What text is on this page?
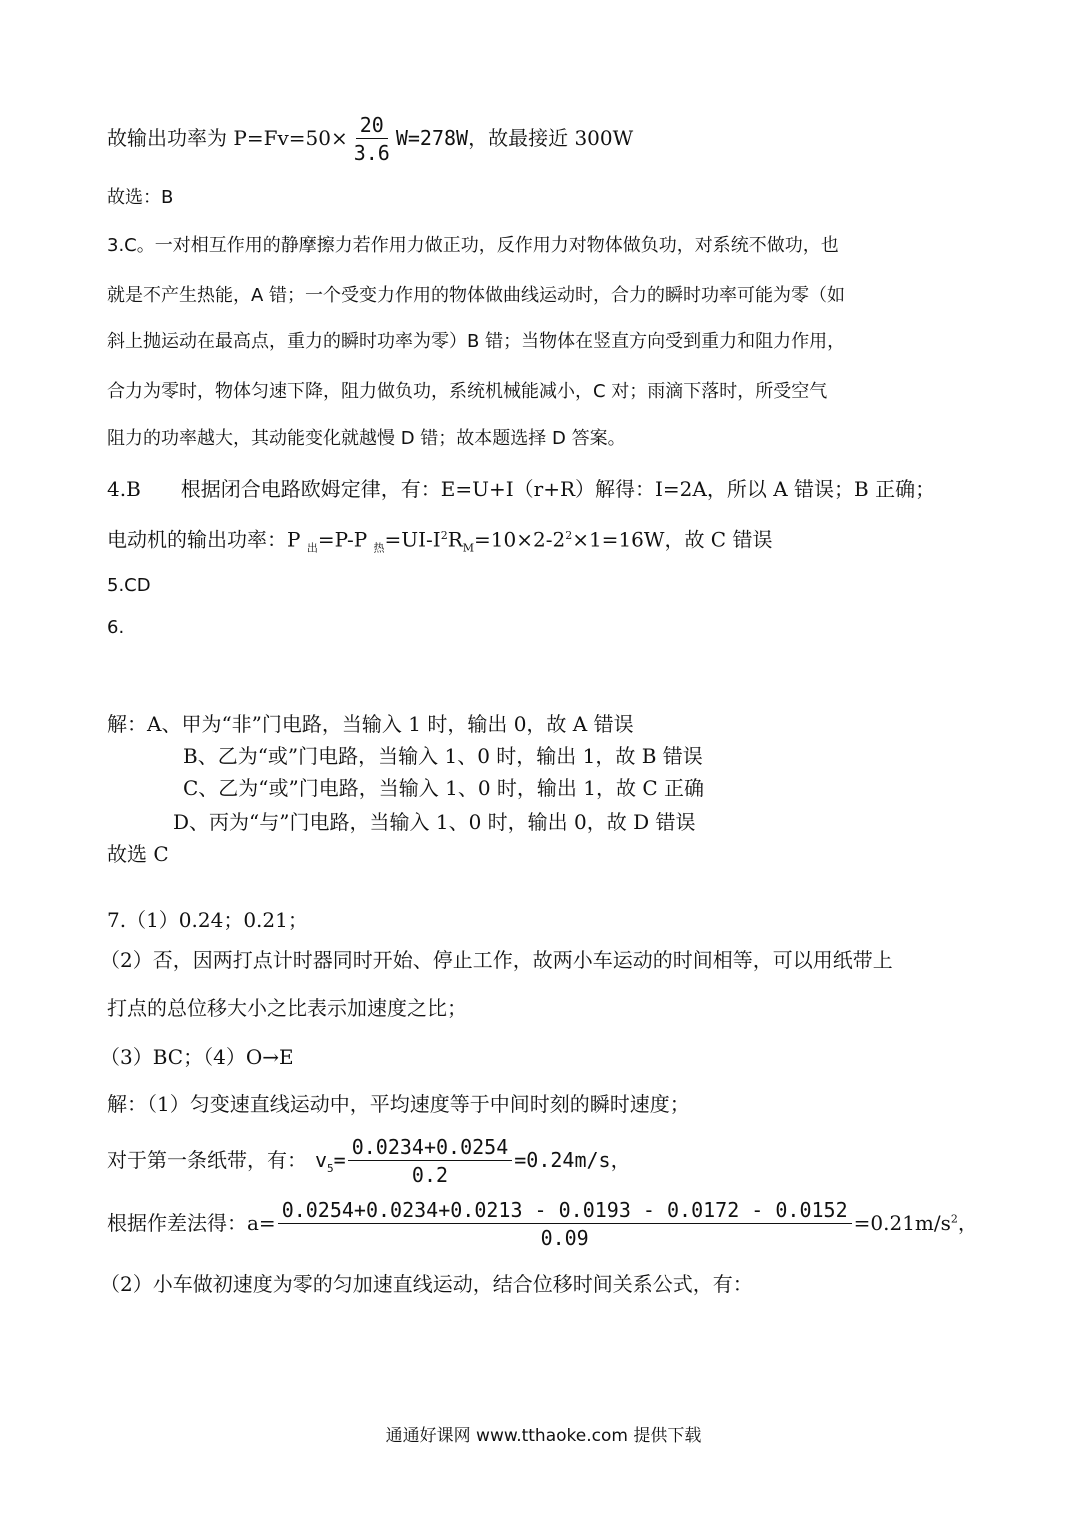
故输出功率为 $P=Fv=50\times \frac{20}{3.6} W=278W$，故最接近 300W
故选：B
3.C。一对相互作用的静摩擦力若作用力做正功，反作用力对物体做负功，对系统不做功，也
就是不产生热能，A 错；一个受变力作用的物体做曲线运动时，合力的瞬时功率可能为零（如
斜上抛运动在最高点，重力的瞬时功率为零）B 错；当物体在竖直方向受到重力和阻力作用，
合力为零时，物体匀速下降，阻力做负功，系统机械能减小，C 对；雨滴下落时，所受空气
阻力的功率越大，其动能变化就越慢 D 错；故本题选择 D 答案。
4.B　　根据闭合电路欧姆定律，有：E=U+I（r+R）解得：I=2A，所以 A 错误；B 正确；
电动机的输出功率：P $_出$=P-P $_热=UI-I^2R_M=10\times 2-2^2\times 1=16W$，故 C 错误
5.CD
6.
解：A、甲为“非”门电路，当输入 1 时，输出 0，故 A 错误
B、乙为“或”门电路，当输入 1、0 时，输出 1，故 B 错误
C、乙为“或”门电路，当输入 1、0 时，输出 1，故 C 正确
D、丙为“与”门电路，当输入 1、0 时，输出 0，故 D 错误
故选 C
7.（1）0.24；0.21；
（2）否，因两打点计时器同时开始、停止工作，故两小车运动的时间相等，可以用纸带上
打点的总位移大小之比表示加速度之比；
（3）BC；（4）O→E
解：（1）匀变速直线运动中，平均速度等于中间时刻的瞬时速度；
对于第一条纸带，有： $v_5= \frac{0.0234+0.0254}{0.2} =0.24m/s$，
根据作差法得：$a= \frac{0.0254+0.0234+0.0213 - 0.0193 - 0.0172 - 0.0152}{0.09} =0.21m/s^2$，
（2）小车做初速度为零的匀加速直线运动，结合位移时间关系公式，有：
通通好课网 www.tthaoke.com 提供下载
